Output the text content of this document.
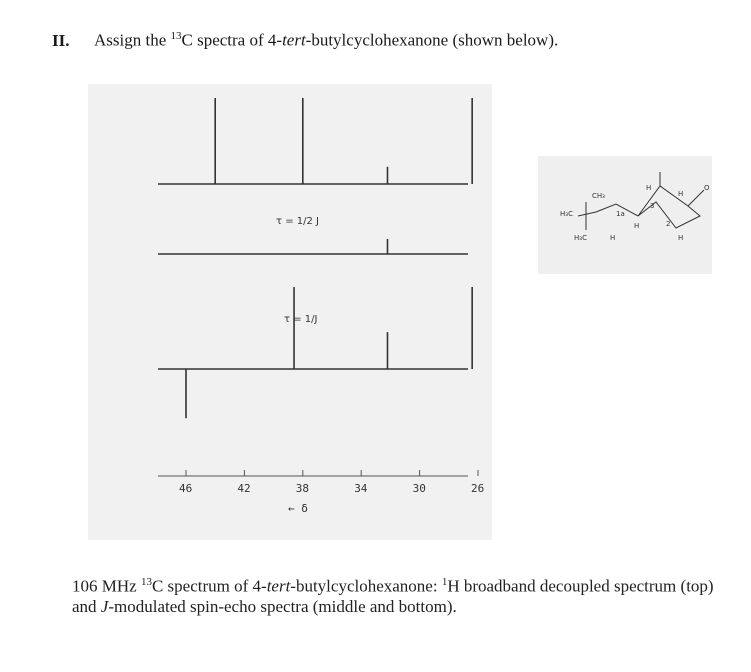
II. Assign the $^{13}$C spectra of 4-tert-butylcyclohexanone (shown below).
46	42	38	34	30	26
τ = 1/2 J
τ = 1/J
← δ
CH₃
H₃C
H₃C	H
H
H
H
H
O
1a
2
3
106 MHz $^{13}$C spectrum of 4-tert-butylcyclohexanone: $^1$H broadband decoupled spectrum (top) and J-modulated spin-echo spectra (middle and bottom).
